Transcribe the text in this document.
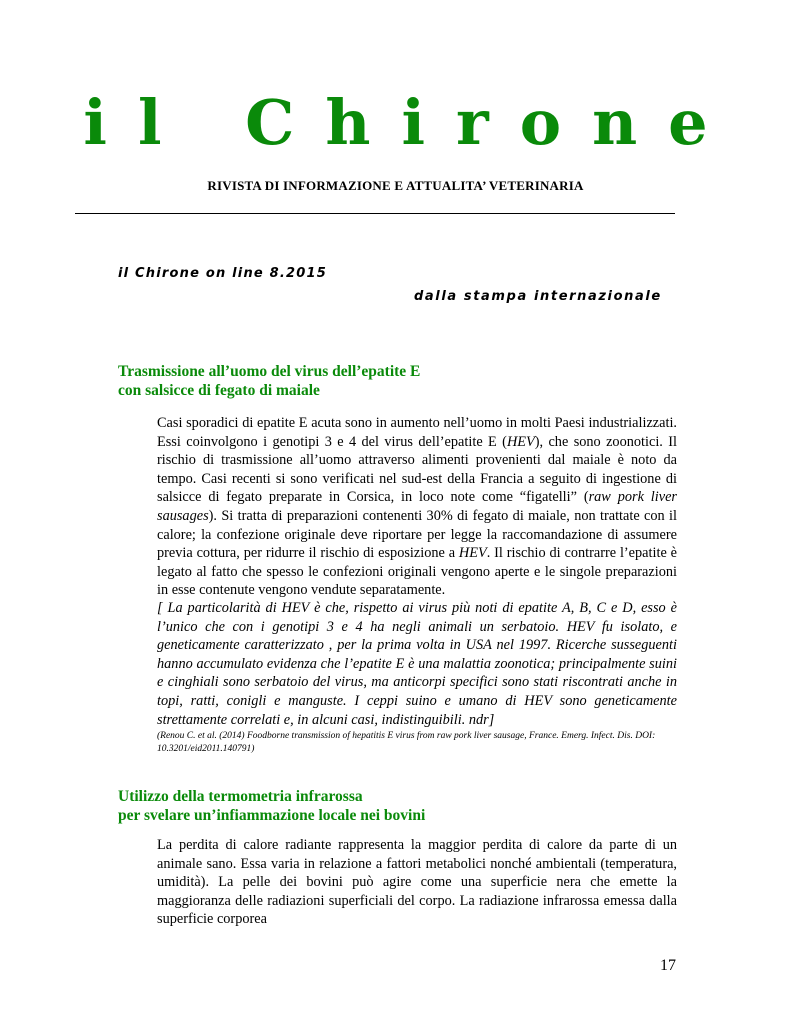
il Chirone
RIVISTA DI INFORMAZIONE E ATTUALITA’ VETERINARIA
il Chirone on line 8.2015
dalla stampa internazionale
Trasmissione all’uomo del virus dell’epatite E
con salsicce di fegato di maiale

Casi sporadici di epatite E acuta sono in aumento nell’uomo in molti Paesi industrializzati. Essi coinvolgono i genotipi 3 e 4 del virus dell’epatite E (HEV), che sono zoonotici. Il rischio di trasmissione all’uomo attraverso alimenti provenienti dal maiale è noto da tempo. Casi recenti si sono verificati nel sud-est della Francia a seguito di ingestione di salsicce di fegato preparate in Corsica, in loco note come “figatelli” (raw pork liver sausages). Si tratta di preparazioni contenenti 30% di fegato di maiale, non trattate con il calore; la confezione originale deve riportare per legge la raccomandazione di assumere previa cottura, per ridurre il rischio di esposizione a HEV. Il rischio di contrarre l’epatite è legato al fatto che spesso le confezioni originali vengono aperte e le singole preparazioni in esse contenute vengono vendute separatamente.

[ La particolarità di HEV è che, rispetto ai virus più noti di epatite A, B, C e D, esso è l’unico che con i genotipi 3 e 4 ha negli animali un serbatoio. HEV fu isolato, e geneticamente caratterizzato , per la prima volta in USA nel 1997. Ricerche susseguenti hanno accumulato evidenza che l’epatite E è una malattia zoonotica; principalmente suini e cinghiali sono serbatoio del virus, ma anticorpi specifici sono stati riscontrati anche in topi, ratti, conigli e manguste. I ceppi suino e umano di HEV sono geneticamente strettamente correlati e, in alcuni casi, indistinguibili. ndr]

(Renou C. et al. (2014) Foodborne transmission of hepatitis E virus from raw pork liver sausage, France. Emerg. Infect. Dis. DOI: 10.3201/eid2011.140791)
Utilizzo della termometria infrarossa
per svelare un’infiammazione locale nei bovini

La perdita di calore radiante rappresenta la maggior perdita di calore da parte di un animale sano. Essa varia in relazione a fattori metabolici nonché ambientali (temperatura, umidità). La pelle dei bovini può agire come una superficie nera che emette la maggioranza delle radiazioni superficiali del corpo. La radiazione infrarossa emessa dalla superficie corporea

17
